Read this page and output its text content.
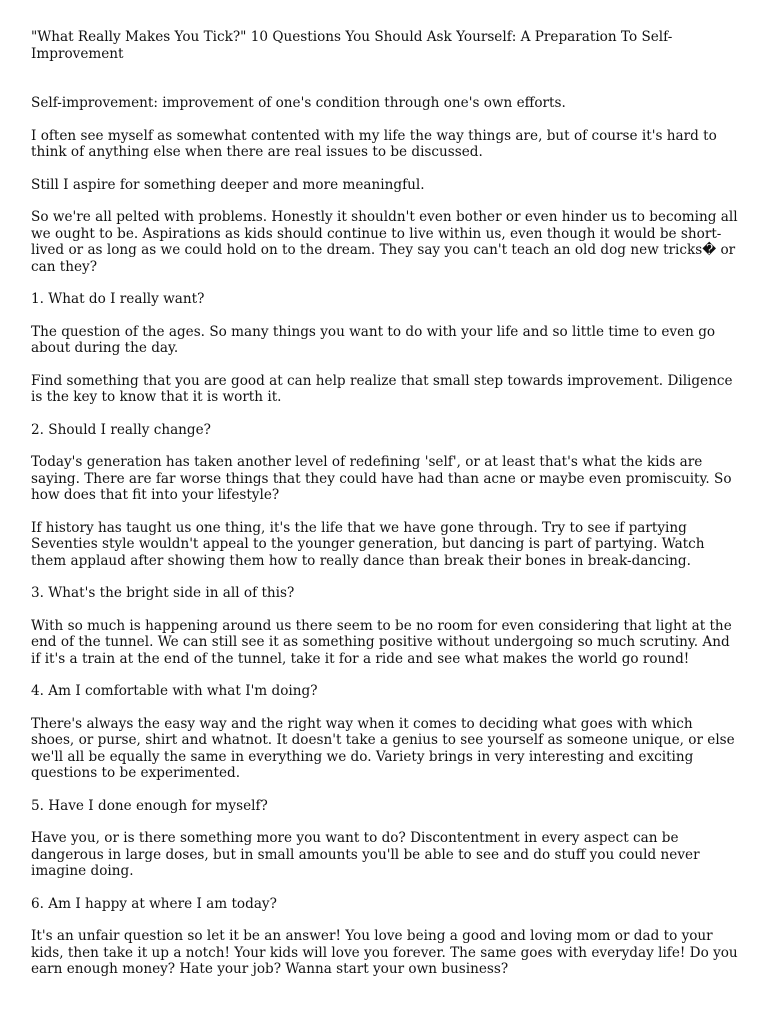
"What Really Makes You Tick?" 10 Questions You Should Ask Yourself: A Preparation To Self-Improvement

Self-improvement: improvement of one's condition through one's own efforts.

I often see myself as somewhat contented with my life the way things are, but of course it's hard to think of anything else when there are real issues to be discussed.

Still I aspire for something deeper and more meaningful.

So we're all pelted with problems. Honestly it shouldn't even bother or even hinder us to becoming all we ought to be. Aspirations as kids should continue to live within us, even though it would be short-lived or as long as we could hold on to the dream. They say you can't teach an old dog new tricks� or can they?

1. What do I really want?

The question of the ages. So many things you want to do with your life and so little time to even go about during the day.

Find something that you are good at can help realize that small step towards improvement. Diligence is the key to know that it is worth it.

2. Should I really change?

Today's generation has taken another level of redefining 'self', or at least that's what the kids are saying. There are far worse things that they could have had than acne or maybe even promiscuity. So how does that fit into your lifestyle?

If history has taught us one thing, it's the life that we have gone through. Try to see if partying Seventies style wouldn't appeal to the younger generation, but dancing is part of partying. Watch them applaud after showing them how to really dance than break their bones in break-dancing.

3. What's the bright side in all of this?

With so much is happening around us there seem to be no room for even considering that light at the end of the tunnel. We can still see it as something positive without undergoing so much scrutiny. And if it's a train at the end of the tunnel, take it for a ride and see what makes the world go round!

4. Am I comfortable with what I'm doing?

There's always the easy way and the right way when it comes to deciding what goes with which shoes, or purse, shirt and whatnot. It doesn't take a genius to see yourself as someone unique, or else we'll all be equally the same in everything we do. Variety brings in very interesting and exciting questions to be experimented.

5. Have I done enough for myself?

Have you, or is there something more you want to do? Discontentment in every aspect can be dangerous in large doses, but in small amounts you'll be able to see and do stuff you could never imagine doing.

6. Am I happy at where I am today?

It's an unfair question so let it be an answer! You love being a good and loving mom or dad to your kids, then take it up a notch! Your kids will love you forever. The same goes with everyday life! Do you earn enough money? Hate your job? Wanna start your own business?
